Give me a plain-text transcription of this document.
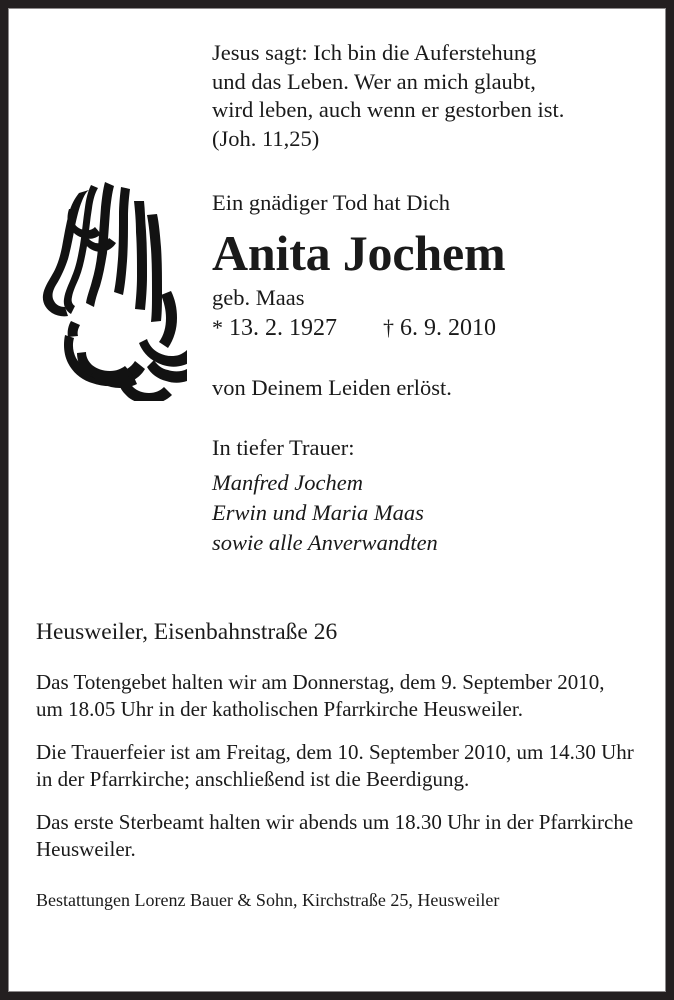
Jesus sagt: Ich bin die Auferstehung
und das Leben. Wer an mich glaubt,
wird leben, auch wenn er gestorben ist.
(Joh. 11,25)

Ein gnädiger Tod hat Dich

Anita Jochem

geb. Maas

* 13. 2. 1927 † 6. 9. 2010

von Deinem Leiden erlöst.

In tiefer Trauer:

Manfred Jochem
Erwin und Maria Maas
sowie alle Anverwandten

Heusweiler, Eisenbahnstraße 26

Das Totengebet halten wir am Donnerstag, dem 9. September 2010, um 18.05 Uhr in der katholischen Pfarrkirche Heusweiler.

Die Trauerfeier ist am Freitag, dem 10. September 2010, um 14.30 Uhr in der Pfarrkirche; anschließend ist die Beerdigung.

Das erste Sterbeamt halten wir abends um 18.30 Uhr in der Pfarrkirche Heusweiler.

Bestattungen Lorenz Bauer & Sohn, Kirchstraße 25, Heusweiler
